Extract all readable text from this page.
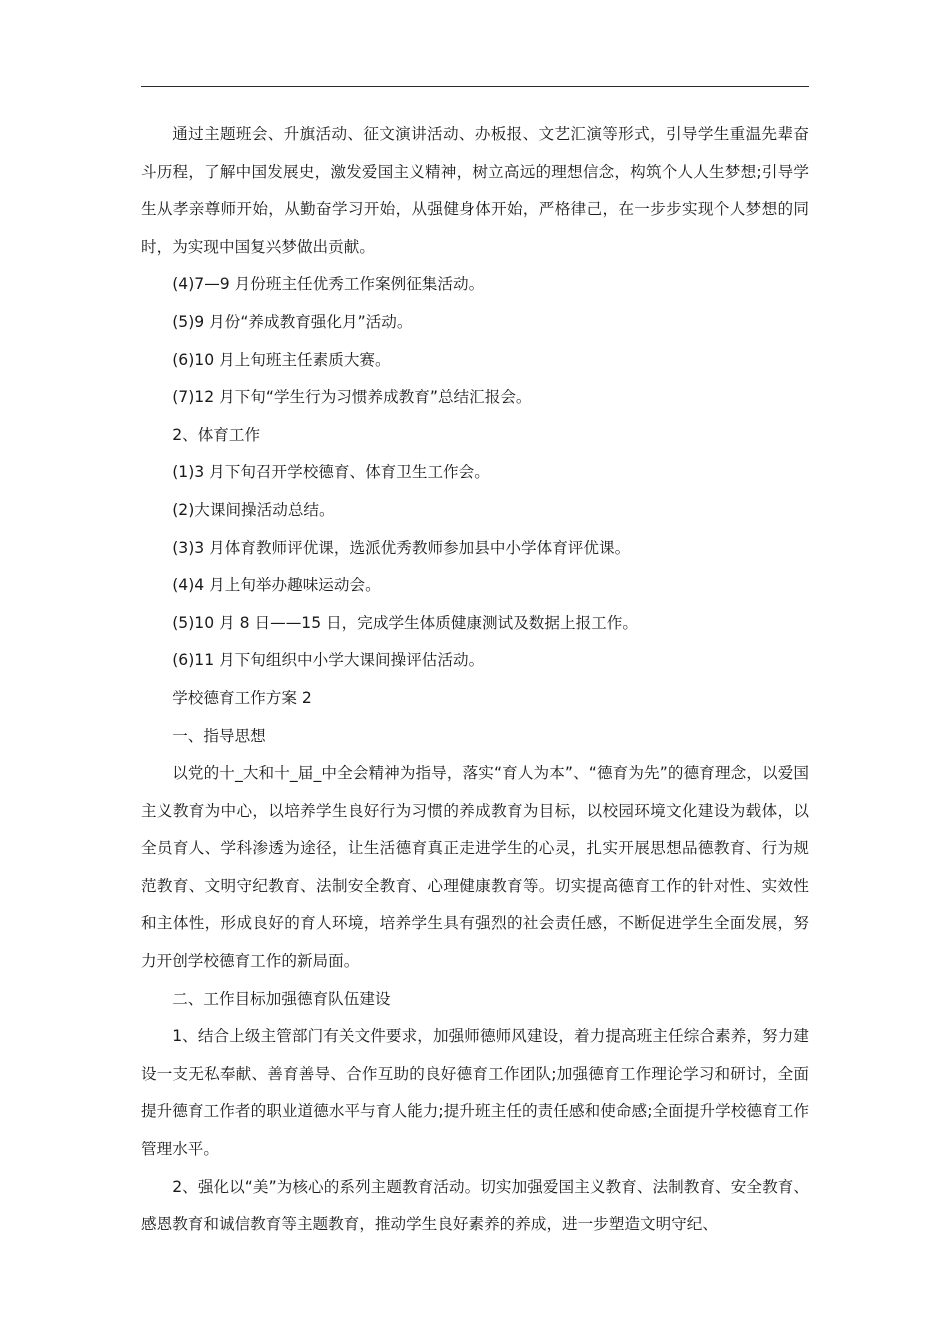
通过主题班会、升旗活动、征文演讲活动、办板报、文艺汇演等形式，引导学生重温先辈奋斗历程，了解中国发展史，激发爱国主义精神，树立高远的理想信念，构筑个人人生梦想;引导学生从孝亲尊师开始，从勤奋学习开始，从强健身体开始，严格律己，在一步步实现个人梦想的同时，为实现中国复兴梦做出贡献。

(4)7—9 月份班主任优秀工作案例征集活动。

(5)9 月份“养成教育强化月”活动。

(6)10 月上旬班主任素质大赛。

(7)12 月下旬“学生行为习惯养成教育”总结汇报会。

2、体育工作

(1)3 月下旬召开学校德育、体育卫生工作会。

(2)大课间操活动总结。

(3)3 月体育教师评优课，选派优秀教师参加县中小学体育评优课。

(4)4 月上旬举办趣味运动会。

(5)10 月 8 日——15 日，完成学生体质健康测试及数据上报工作。

(6)11 月下旬组织中小学大课间操评估活动。

学校德育工作方案 2

一、指导思想

以党的十_大和十_届_中全会精神为指导，落实“育人为本”、“德育为先”的德育理念，以爱国主义教育为中心，以培养学生良好行为习惯的养成教育为目标，以校园环境文化建设为载体，以全员育人、学科渗透为途径，让生活德育真正走进学生的心灵，扎实开展思想品德教育、行为规范教育、文明守纪教育、法制安全教育、心理健康教育等。切实提高德育工作的针对性、实效性和主体性，形成良好的育人环境，培养学生具有强烈的社会责任感，不断促进学生全面发展，努力开创学校德育工作的新局面。

二、工作目标加强德育队伍建设

1、结合上级主管部门有关文件要求，加强师德师风建设，着力提高班主任综合素养，努力建设一支无私奉献、善育善导、合作互助的良好德育工作团队;加强德育工作理论学习和研讨，全面提升德育工作者的职业道德水平与育人能力;提升班主任的责任感和使命感;全面提升学校德育工作管理水平。

2、强化以“美”为核心的系列主题教育活动。切实加强爱国主义教育、法制教育、安全教育、感恩教育和诚信教育等主题教育，推动学生良好素养的养成，进一步塑造文明守纪、
